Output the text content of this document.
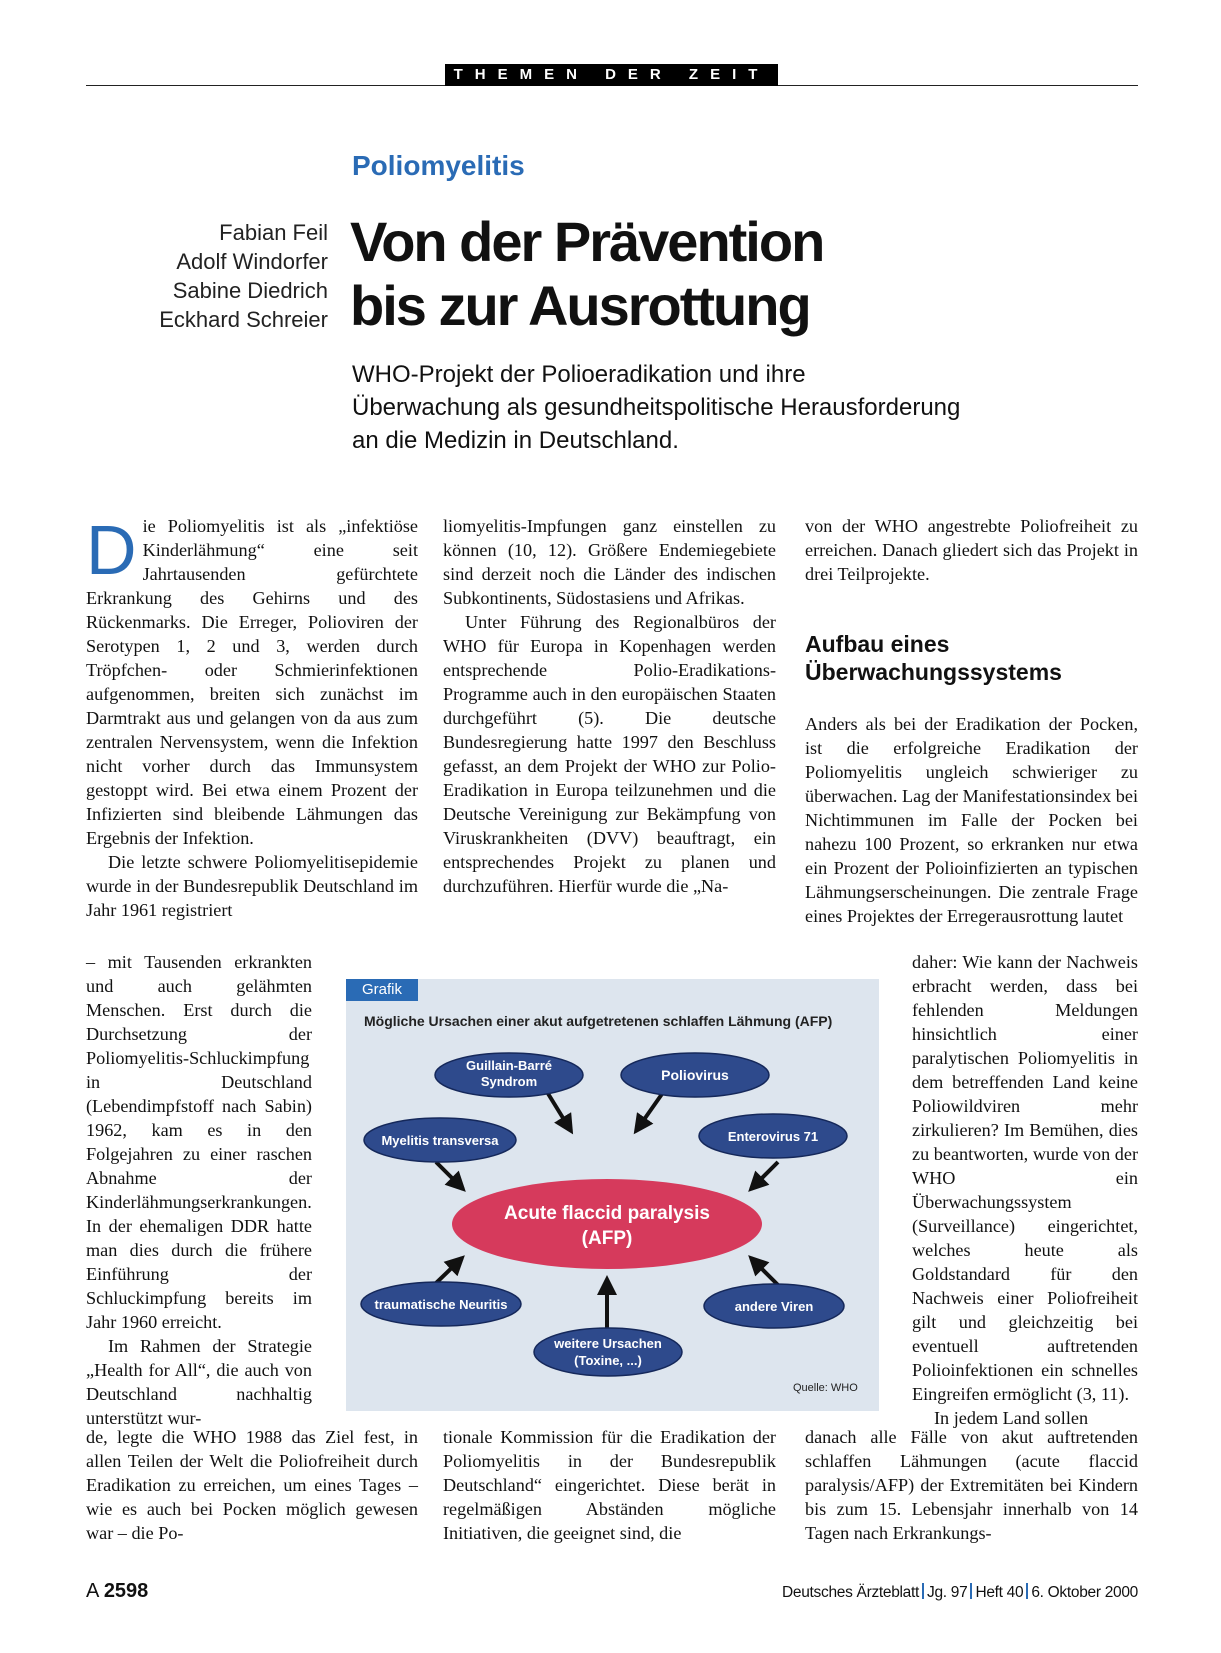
THEMEN DER ZEIT
Poliomyelitis
Fabian Feil
Adolf Windorfer
Sabine Diedrich
Eckhard Schreier
Von der Prävention
bis zur Ausrottung
WHO-Projekt der Polioeradikation und ihre
Überwachung als gesundheitspolitische Herausforderung
an die Medizin in Deutschland.

Die Poliomyelitis ist als „infektiöse Kinderlähmung“ eine seit Jahrtausenden gefürchtete Erkrankung des Gehirns und des Rückenmarks. Die Erreger, Polioviren der Serotypen 1, 2 und 3, werden durch Tröpfchen- oder Schmierinfektionen aufgenommen, breiten sich zunächst im Darmtrakt aus und gelangen von da aus zum zentralen Nervensystem, wenn die Infektion nicht vorher durch das Immunsystem gestoppt wird. Bei etwa einem Prozent der Infizierten sind bleibende Lähmungen das Ergebnis der Infektion.

Die letzte schwere Poliomyelitisepidemie wurde in der Bundesrepublik Deutschland im Jahr 1961 registriert

– mit Tausenden erkrankten und auch gelähmten Menschen. Erst durch die Durchsetzung der Poliomyelitis-Schluckimpfung in Deutschland (Lebendimpfstoff nach Sabin) 1962, kam es in den Folgejahren zu einer raschen Abnahme der Kinderlähmungserkrankungen. In der ehemaligen DDR hatte man dies durch die frühere Einführung der Schluckimpfung bereits im Jahr 1960 erreicht.

Im Rahmen der Strategie „Health for All“, die auch von Deutschland nachhaltig unterstützt wur-

de, legte die WHO 1988 das Ziel fest, in allen Teilen der Welt die Poliofreiheit durch Eradikation zu erreichen, um eines Tages – wie es auch bei Pocken möglich gewesen war – die Po-

liomyelitis-Impfungen ganz einstellen zu können (10, 12). Größere Endemiegebiete sind derzeit noch die Länder des indischen Subkontinents, Südostasiens und Afrikas.

Unter Führung des Regionalbüros der WHO für Europa in Kopenhagen werden entsprechende Polio-Eradikations-Programme auch in den europäischen Staaten durchgeführt (5). Die deutsche Bundesregierung hatte 1997 den Beschluss gefasst, an dem Projekt der WHO zur Polio-Eradikation in Europa teilzunehmen und die Deutsche Vereinigung zur Bekämpfung von Viruskrankheiten (DVV) beauftragt, ein entsprechendes Projekt zu planen und durchzuführen. Hierfür wurde die „Na-

tionale Kommission für die Eradikation der Poliomyelitis in der Bundesrepublik Deutschland“ eingerichtet. Diese berät in regelmäßigen Abständen mögliche Initiativen, die geeignet sind, die

von der WHO angestrebte Poliofreiheit zu erreichen. Danach gliedert sich das Projekt in drei Teilprojekte.

Aufbau eines
Überwachungssystems

Anders als bei der Eradikation der Pocken, ist die erfolgreiche Eradikation der Poliomyelitis ungleich schwieriger zu überwachen. Lag der Manifestationsindex bei Nichtimmunen im Falle der Pocken bei nahezu 100 Prozent, so erkranken nur etwa ein Prozent der Polioinfizierten an typischen Lähmungserscheinungen. Die zentrale Frage eines Projektes der Erregerausrottung lautet

daher: Wie kann der Nachweis erbracht werden, dass bei fehlenden Meldungen hinsichtlich einer paralytischen Poliomyelitis in dem betreffenden Land keine Poliowildviren mehr zirkulieren? Im Bemühen, dies zu beantworten, wurde von der WHO ein Überwachungssystem (Surveillance) eingerichtet, welches heute als Goldstandard für den Nachweis einer Poliofreiheit gilt und gleichzeitig bei eventuell auftretenden Polioinfektionen ein schnelles Eingreifen ermöglicht (3, 11).

In jedem Land sollen

danach alle Fälle von akut auftretenden schlaffen Lähmungen (acute flaccid paralysis/AFP) der Extremitäten bei Kindern bis zum 15. Lebensjahr innerhalb von 14 Tagen nach Erkrankungs-

Acute flaccid paralysis
(AFP)
Guillain-Barré
Syndrom	Poliovirus
Myelitis transversa	Enterovirus 71
traumatische Neuritis	andere Viren
weitere Ursachen
(Toxine, ...)
Grafik
Mögliche Ursachen einer akut aufgetretenen schlaffen Lähmung (AFP)
Quelle: WHO
A 2598	Deutsches Ärzteblatt Jg. 97 Heft 40 6. Oktober 2000
